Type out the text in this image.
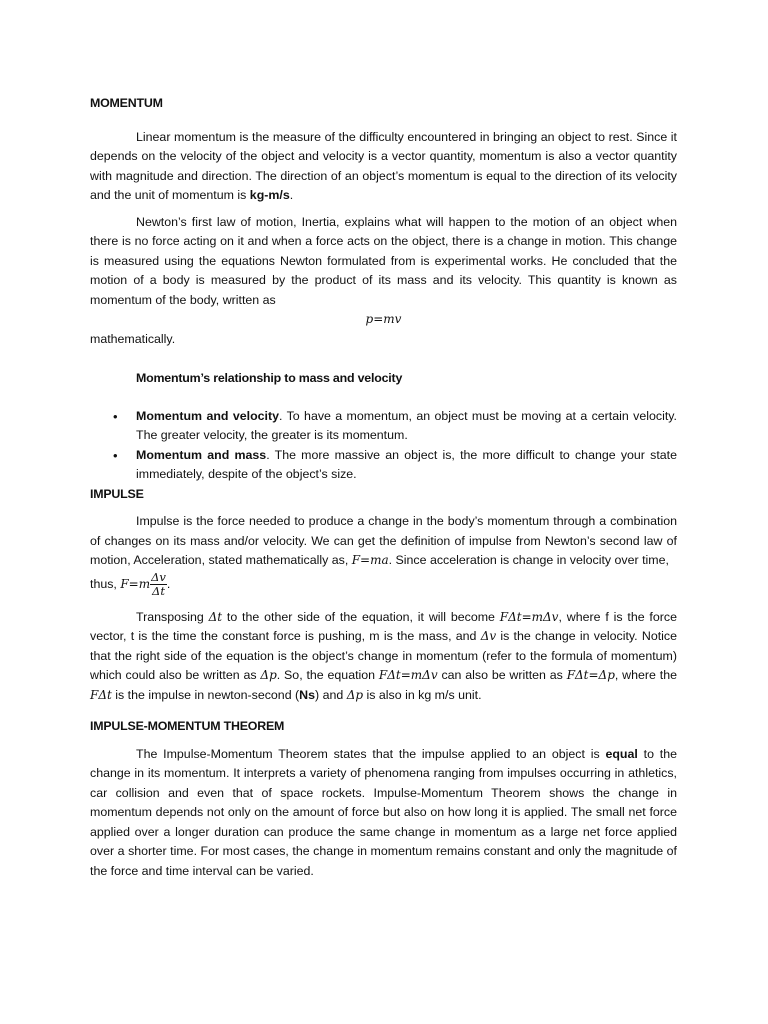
MOMENTUM

Linear momentum is the measure of the difficulty encountered in bringing an object to rest. Since it depends on the velocity of the object and velocity is a vector quantity, momentum is also a vector quantity with magnitude and direction. The direction of an object’s momentum is equal to the direction of its velocity and the unit of momentum is kg-m/s.

Newton’s first law of motion, Inertia, explains what will happen to the motion of an object when there is no force acting on it and when a force acts on the object, there is a change in motion. This change is measured using the equations Newton formulated from is experimental works. He concluded that the motion of a body is measured by the product of its mass and its velocity. This quantity is known as momentum of the body, written as

p=mv

mathematically.

Momentum’s relationship to mass and velocity
• Momentum and velocity. To have a momentum, an object must be moving at a certain velocity. The greater velocity, the greater is its momentum.
• Momentum and mass. The more massive an object is, the more difficult to change your state immediately, despite of the object’s size.
IMPULSE

Impulse is the force needed to produce a change in the body’s momentum through a combination of changes on its mass and/or velocity. We can get the definition of impulse from Newton’s second law of motion, Acceleration, stated mathematically as, F=ma. Since acceleration is change in velocity over time,

thus, $F=m \frac{\Delta v}{\Delta t}$ .

Transposing Δt to the other side of the equation, it will become FΔt=mΔv, where f is the force vector, t is the time the constant force is pushing, m is the mass, and Δv is the change in velocity. Notice that the right side of the equation is the object’s change in momentum (refer to the formula of momentum) which could also be written as Δp. So, the equation FΔt=mΔv can also be written as FΔt=Δp, where the FΔt is the impulse in newton-second (Ns) and Δp is also in kg m/s unit.

IMPULSE-MOMENTUM THEOREM

The Impulse-Momentum Theorem states that the impulse applied to an object is equal to the change in its momentum. It interprets a variety of phenomena ranging from impulses occurring in athletics, car collision and even that of space rockets. Impulse-Momentum Theorem shows the change in momentum depends not only on the amount of force but also on how long it is applied. The small net force applied over a longer duration can produce the same change in momentum as a large net force applied over a shorter time. For most cases, the change in momentum remains constant and only the magnitude of the force and time interval can be varied.
